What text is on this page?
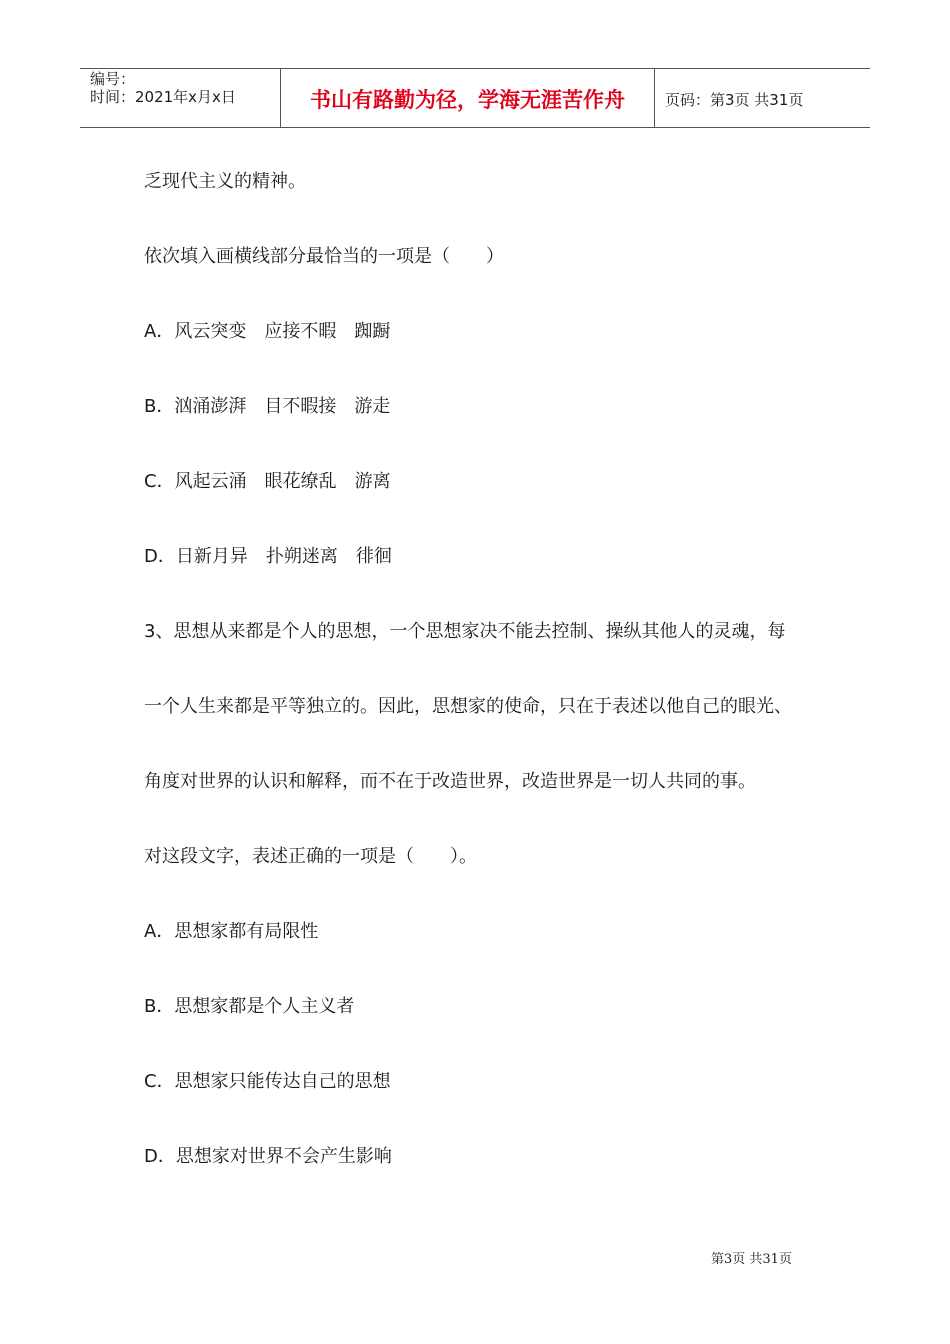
编号：
时间：2021年x月x日	书山有路勤为径，学海无涯苦作舟	页码：第3页 共31页
乏现代主义的精神。
依次填入画横线部分最恰当的一项是（　　）
A．风云突变 应接不暇 踟蹰
B．汹涌澎湃 目不暇接 游走
C．风起云涌 眼花缭乱 游离
D．日新月异 扑朔迷离 徘徊
3、思想从来都是个人的思想，一个思想家决不能去控制、操纵其他人的灵魂，每
一个人生来都是平等独立的。因此，思想家的使命，只在于表述以他自己的眼光、
角度对世界的认识和解释，而不在于改造世界，改造世界是一切人共同的事。
对这段文字，表述正确的一项是（　　）。
A．思想家都有局限性
B．思想家都是个人主义者
C．思想家只能传达自己的思想
D．思想家对世界不会产生影响
第3页 共31页
